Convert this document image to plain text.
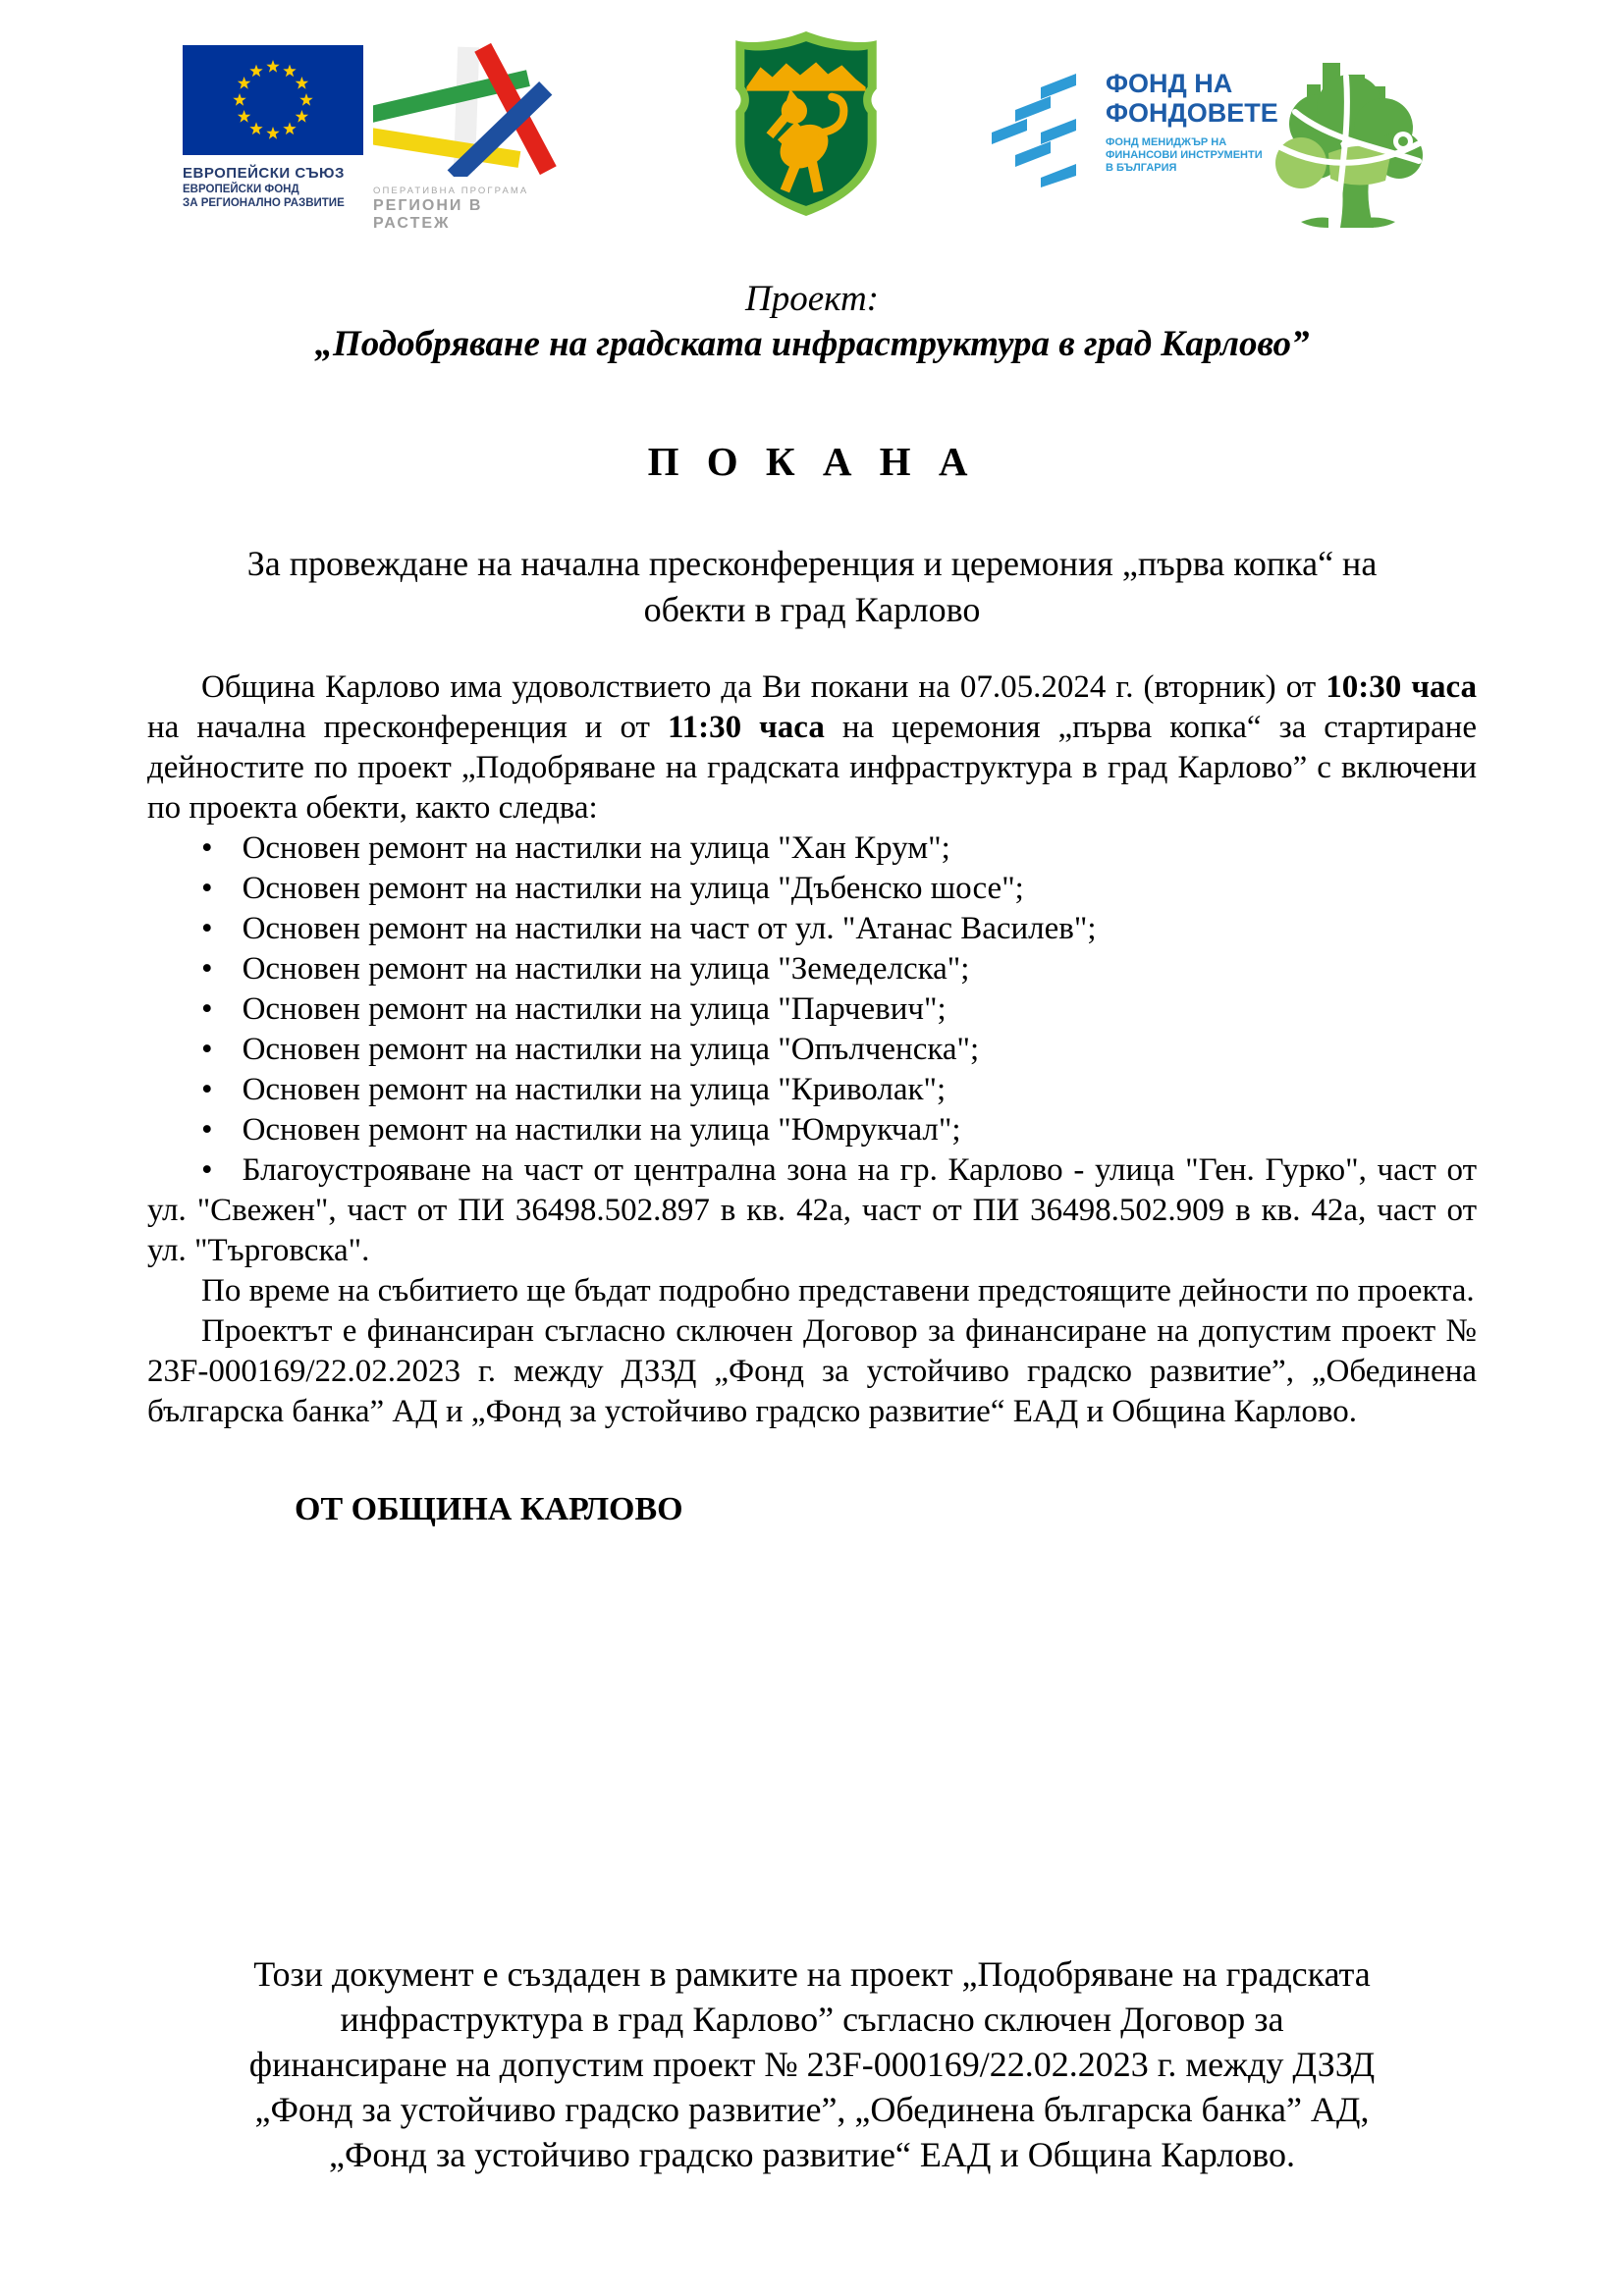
ЕВРОПЕЙСКИ СЪЮЗ
ЕВРОПЕЙСКИ ФОНД
ЗА РЕГИОНАЛНО РАЗВИТИЕ
ОПЕРАТИВНА ПРОГРАМА
РЕГИОНИ В РАСТЕЖ
ФОНД НА
ФОНДОВЕТЕ
ФОНД МЕНИДЖЪР НА
ФИНАНСОВИ ИНСТРУМЕНТИ
В БЪЛГАРИЯ

Проект:

„Подобряване на градската инфраструктура в град Карлово”

П О К А Н А

За провеждане на начална пресконференция и церемония „първа копка“ на
обекти в град Карлово

Община Карлово има удоволствието да Ви покани на 07.05.2024 г. (вторник) от 10:30 часа на начална пресконференция и от 11:30 часа на церемония „първа копка“ за стартиране дейностите по проект „Подобряване на градската инфраструктура в град Карлово” с включени по проекта обекти, както следва:

• Основен ремонт на настилки на улица "Хан Крум";
• Основен ремонт на настилки на улица "Дъбенско шосе";
• Основен ремонт на настилки на част от ул. "Атанас Василев";
• Основен ремонт на настилки на улица "Земеделска";
• Основен ремонт на настилки на улица "Парчевич";
• Основен ремонт на настилки на улица "Опълченска";
• Основен ремонт на настилки на улица "Криволак";
• Основен ремонт на настилки на улица "Юмрукчал";

• Благоустрояване на част от централна зона на гр. Карлово - улица "Ген. Гурко", част от ул. "Свежен", част от ПИ 36498.502.897 в кв. 42а, част от ПИ 36498.502.909 в кв. 42а, част от ул. "Търговска".

По време на събитието ще бъдат подробно представени предстоящите дейности по проекта.

Проектът е финансиран съгласно сключен Договор за финансиране на допустим проект № 23F-000169/22.02.2023 г. между ДЗЗД „Фонд за устойчиво градско развитие”, „Обединена българска банка” АД и „Фонд за устойчиво градско развитие“ ЕАД и Община Карлово.

ОТ ОБЩИНА КАРЛОВО

Този документ е създаден в рамките на проект „Подобряване на градската
инфраструктура в град Карлово” съгласно сключен Договор за
финансиране на допустим проект № 23F-000169/22.02.2023 г. между ДЗЗД
„Фонд за устойчиво градско развитие”, „Обединена българска банка” АД,
„Фонд за устойчиво градско развитие“ ЕАД и Община Карлово.
